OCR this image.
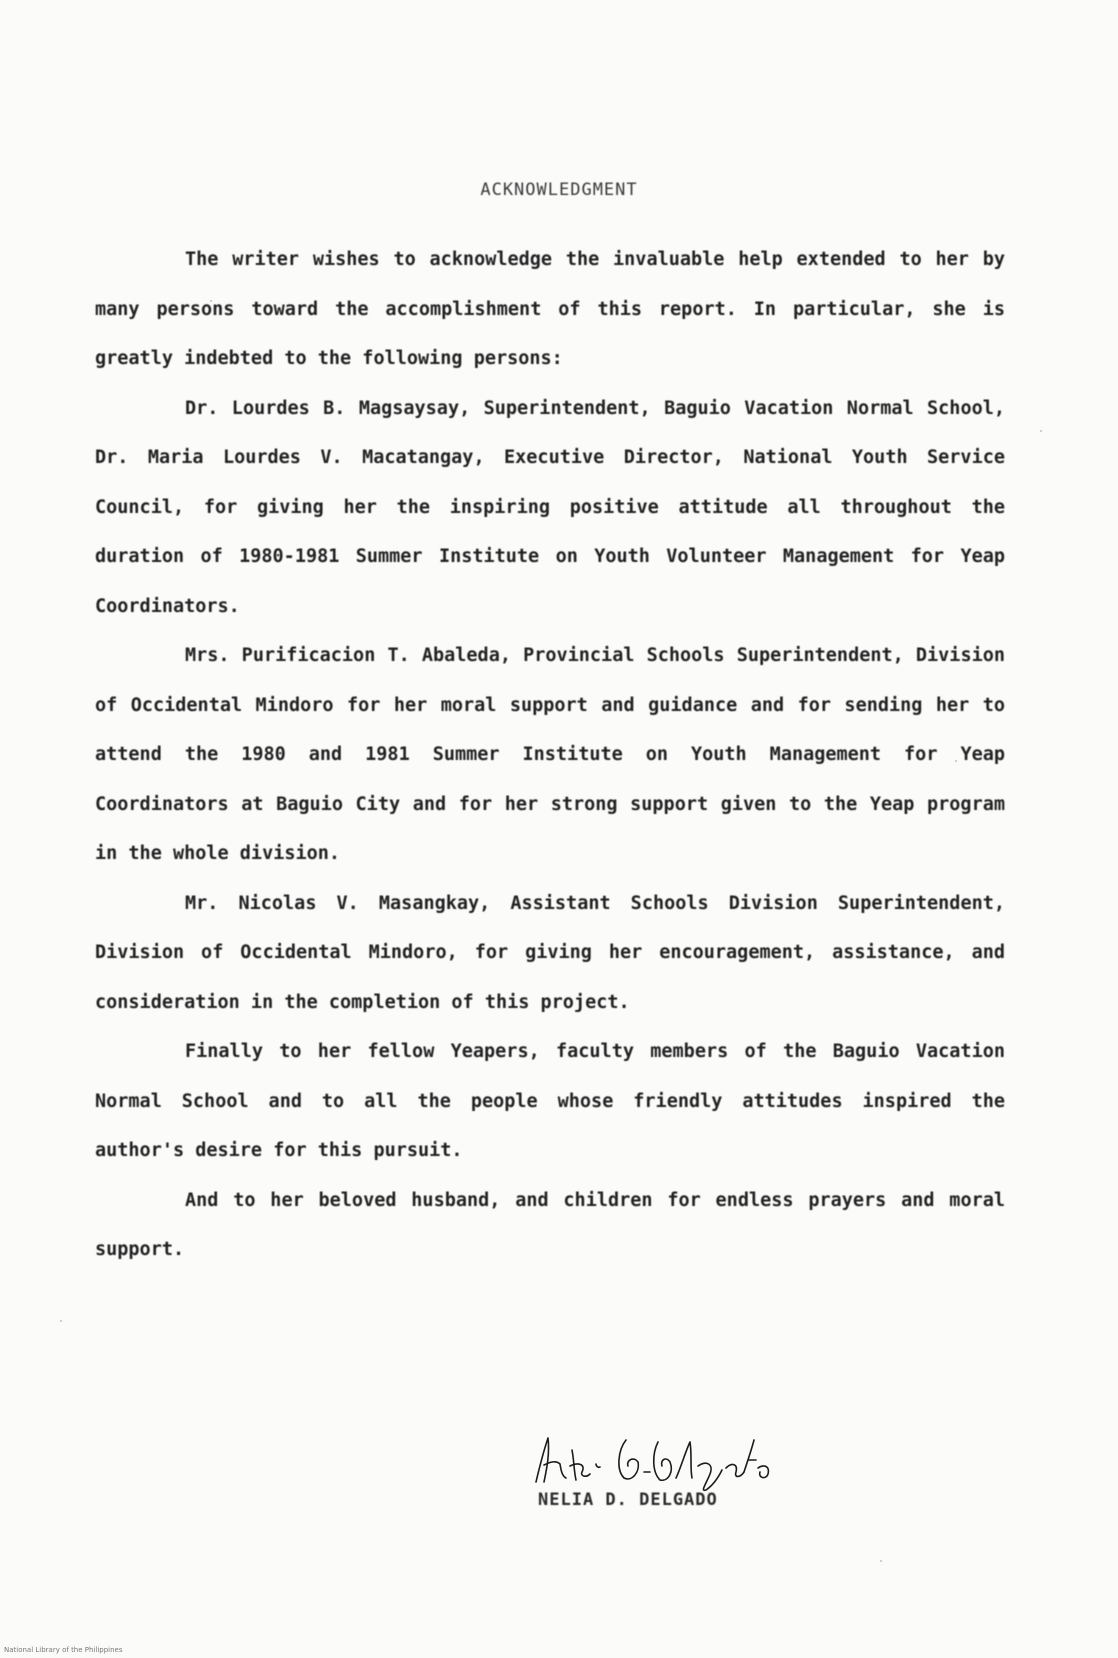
ACKNOWLEDGMENT

The writer wishes to acknowledge the invaluable help extended to her by many persons toward the accomplishment of this report. In particular, she is greatly indebted to the following persons:

Dr. Lourdes B. Magsaysay, Superintendent, Baguio Vacation Normal School, Dr. Maria Lourdes V. Macatangay, Executive Director, National Youth Service Council, for giving her the inspiring positive attitude all throughout the duration of 1980-1981 Summer Institute on Youth Volunteer Management for Yeap Coordinators.

Mrs. Purificacion T. Abaleda, Provincial Schools Superintendent, Division of Occidental Mindoro for her moral support and guidance and for sending her to attend the 1980 and 1981 Summer Institute on Youth Management for Yeap Coordinators at Baguio City and for her strong support given to the Yeap program in the whole division.

Mr. Nicolas V. Masangkay, Assistant Schools Division Superintendent, Division of Occidental Mindoro, for giving her encouragement, assistance, and consideration in the completion of this project.

Finally to her fellow Yeapers, faculty members of the Baguio Vacation Normal School and to all the people whose friendly attitudes inspired the author's desire for this pursuit.

And to her beloved husband, and children for endless prayers and moral support.

NELIA D. DELGADO
National Library of the Philippines
